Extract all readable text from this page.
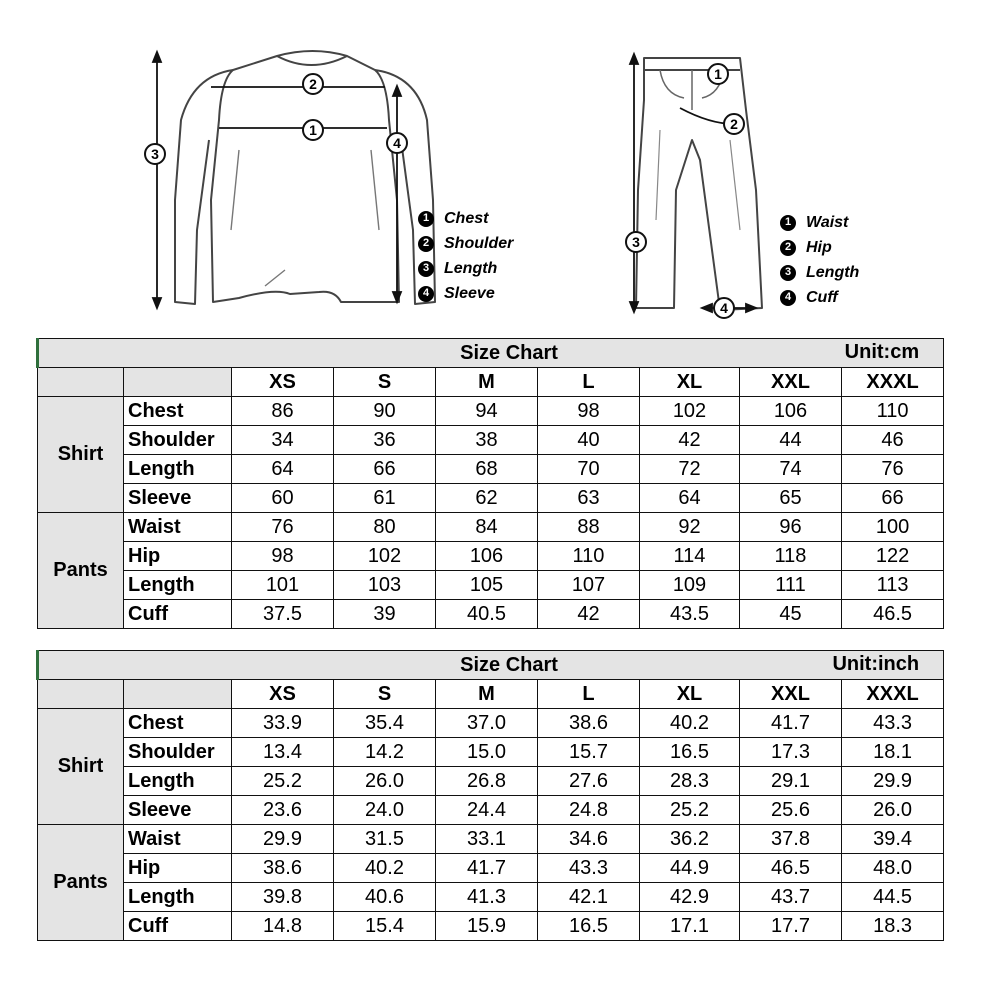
1
2
3
4
1 Chest
2 Shoulder
3 Length
4 Sleeve
1
2
3
4
1 Waist
2 Hip
3 Length
4 Cuff
Size Chart Unit:cm								

		XS	S	M	L	XL	XXL	XXXL
Shirt	Chest	86	90	94	98	102	106	110
	Shoulder	34	36	38	40	42	44	46
	Length	64	66	68	70	72	74	76
	Sleeve	60	61	62	63	64	65	66
Pants	Waist	76	80	84	88	92	96	100
	Hip	98	102	106	110	114	118	122
	Length	101	103	105	107	109	111	113
	Cuff	37.5	39	40.5	42	43.5	45	46.5
Size Chart Unit:inch								

		XS	S	M	L	XL	XXL	XXXL
Shirt	Chest	33.9	35.4	37.0	38.6	40.2	41.7	43.3
	Shoulder	13.4	14.2	15.0	15.7	16.5	17.3	18.1
	Length	25.2	26.0	26.8	27.6	28.3	29.1	29.9
	Sleeve	23.6	24.0	24.4	24.8	25.2	25.6	26.0
Pants	Waist	29.9	31.5	33.1	34.6	36.2	37.8	39.4
	Hip	38.6	40.2	41.7	43.3	44.9	46.5	48.0
	Length	39.8	40.6	41.3	42.1	42.9	43.7	44.5
	Cuff	14.8	15.4	15.9	16.5	17.1	17.7	18.3
